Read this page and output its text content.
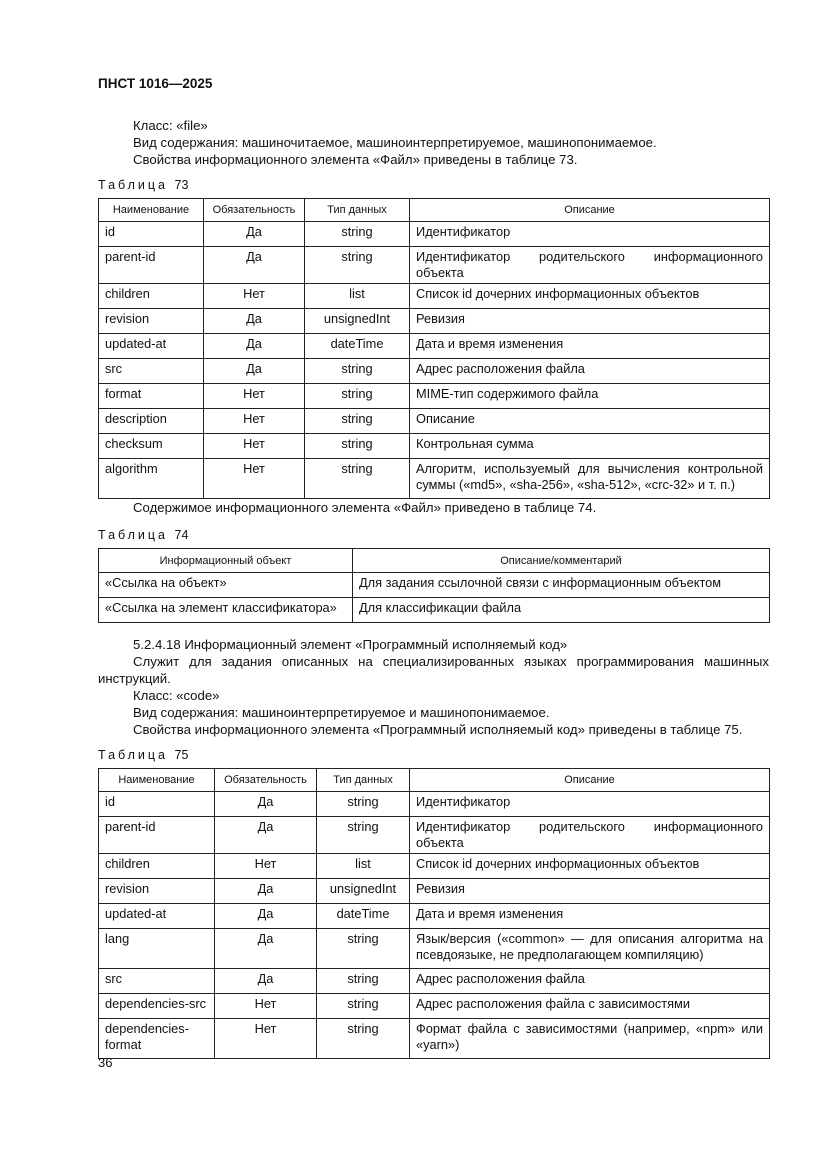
ПНСТ 1016—2025
Класс: «file»
Вид содержания: машиночитаемое, машиноинтерпретируемое, машинопонимаемое.
Свойства информационного элемента «Файл» приведены в таблице 73.
Таблица 73
Наименование	Обязательность	Тип данных	Описание
id	Да	string	Идентификатор
parent-id	Да	string	Идентификатор родительского информационного объекта
children	Нет	list	Список id дочерних информационных объектов
revision	Да	unsignedInt	Ревизия
updated-at	Да	dateTime	Дата и время изменения
src	Да	string	Адрес расположения файла
format	Нет	string	MIME-тип содержимого файла
description	Нет	string	Описание
checksum	Нет	string	Контрольная сумма
algorithm	Нет	string	Алгоритм, используемый для вычисления контрольной суммы («md5», «sha-256», «sha-512», «crc-32» и т. п.)
Содержимое информационного элемента «Файл» приведено в таблице 74.
Таблица 74
Информационный объект	Описание/комментарий
«Ссылка на объект»	Для задания ссылочной связи с информационным объектом
«Ссылка на элемент классификатора»	Для классификации файла
5.2.4.18 Информационный элемент «Программный исполняемый код»
Служит для задания описанных на специализированных языках программирования машинных
инструкций.
Класс: «code»
Вид содержания: машиноинтерпретируемое и машинопонимаемое.
Свойства информационного элемента «Программный исполняемый код» приведены в таблице 75.
Таблица 75
Наименование	Обязательность	Тип данных	Описание
id	Да	string	Идентификатор
parent-id	Да	string	Идентификатор родительского информационного объекта
children	Нет	list	Список id дочерних информационных объектов
revision	Да	unsignedInt	Ревизия
updated-at	Да	dateTime	Дата и время изменения
lang	Да	string	Язык/версия («common» — для описания алгоритма на псевдоязыке, не предполагающем компиляцию)
src	Да	string	Адрес расположения файла
dependencies-src	Нет	string	Адрес расположения файла с зависимостями
dependencies-format	Нет	string	Формат файла с зависимостями (например, «npm» или «yarn»)
36
